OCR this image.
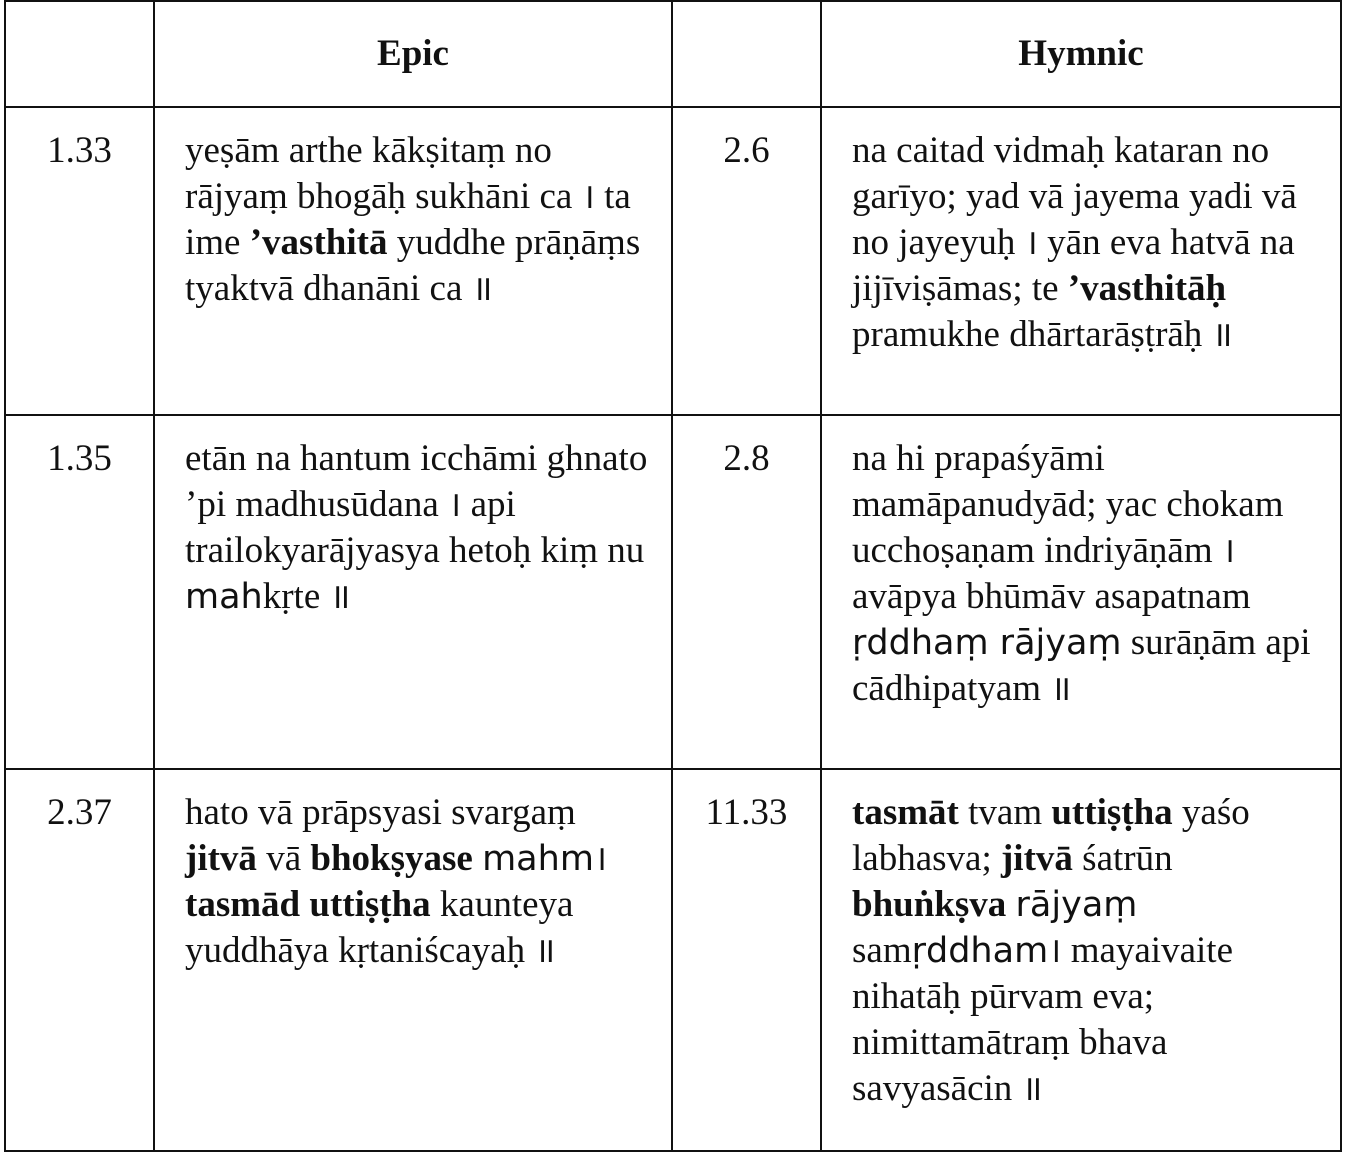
	Epic		Hymnic
1.33	yeṣām arthe kākṣitaṃ no rājyaṃ bhogāḥ sukhāni ca । ta ime ’vasthitā yuddhe prāṇāṃs tyaktvā dhanāni ca ॥	2.6	na caitad vidmaḥ kataran no garīyo; yad vā jayema yadi vā no jayeyuḥ । yān eva hatvā na jijīviṣāmas; te ’vasthitāḥ pramukhe dhārtarāṣṭrāḥ ॥
1.35	etān na hantum icchāmi ghnato ’pi madhusūdana । api trailokyarājyasya hetoḥ kiṃ nu mahkṛte ॥	2.8	na hi prapaśyāmi mamāpanudyād; yac chokam ucchoṣaṇam indriyāṇām । avāpya bhūmāv asapatnam ṛddhaṃ rājyaṃ surāṇām api cādhipatyam ॥
2.37	hato vā prāpsyasi svargaṃ jitvā vā bhokṣyase mahm। tasmād uttiṣṭha kaunteya yuddhāya kṛtaniścayaḥ ॥	11.33	tasmāt tvam uttiṣṭha yaśo labhasva; jitvā śatrūn bhuṅkṣva rājyaṃ samṛddham। mayaivaite nihatāḥ pūrvam eva; nimittamātraṃ bhava savyasācin ॥
